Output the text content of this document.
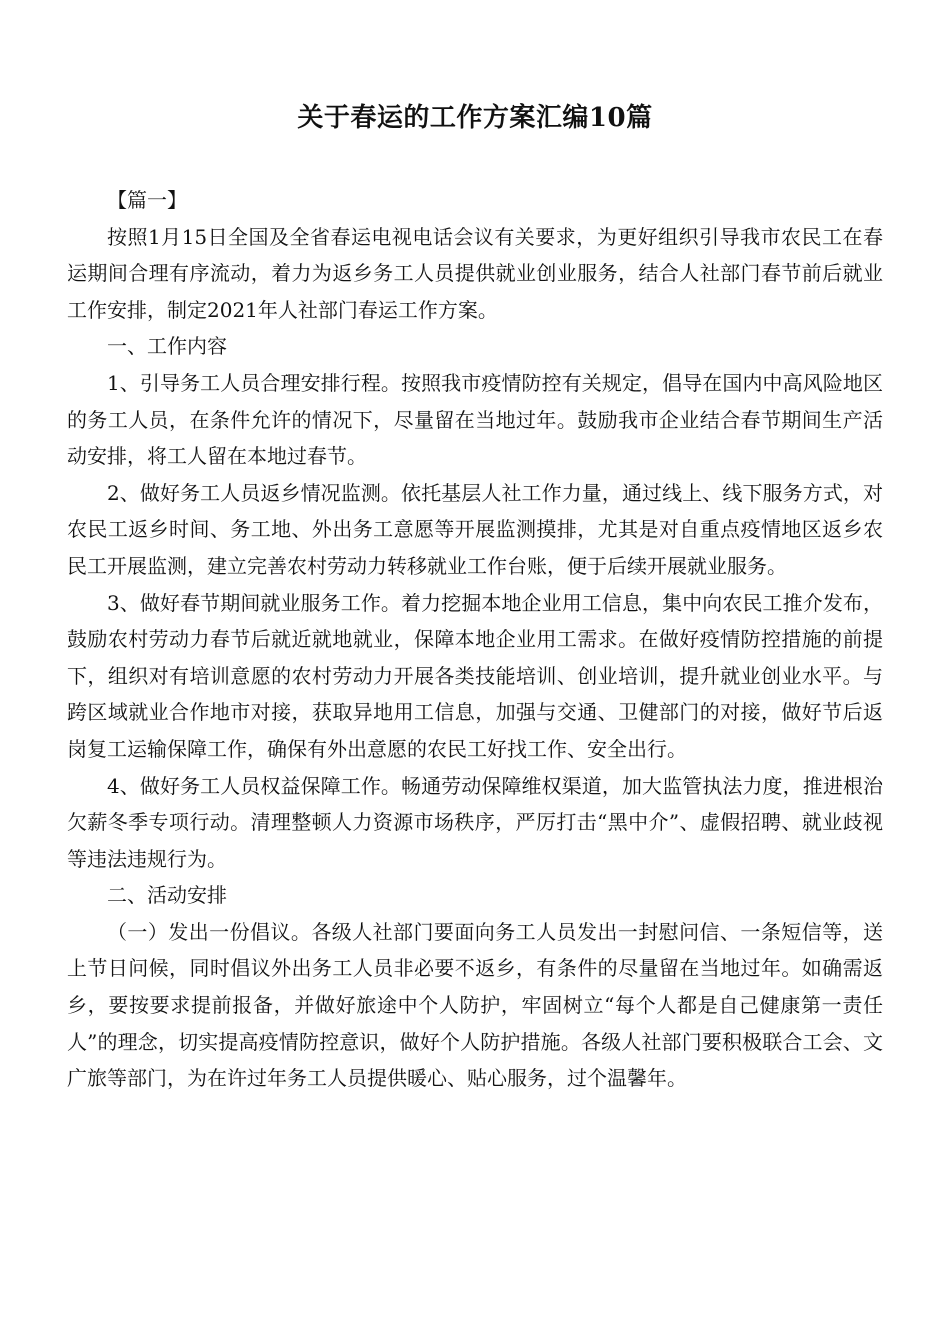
关于春运的工作方案汇编10篇

【篇一】

按照1月15日全国及全省春运电视电话会议有关要求，为更好组织引导我市农民工在春运期间合理有序流动，着力为返乡务工人员提供就业创业服务，结合人社部门春节前后就业工作安排，制定2021年人社部门春运工作方案。

一、工作内容

1、引导务工人员合理安排行程。按照我市疫情防控有关规定，倡导在国内中高风险地区的务工人员，在条件允许的情况下，尽量留在当地过年。鼓励我市企业结合春节期间生产活动安排，将工人留在本地过春节。

2、做好务工人员返乡情况监测。依托基层人社工作力量，通过线上、线下服务方式，对农民工返乡时间、务工地、外出务工意愿等开展监测摸排，尤其是对自重点疫情地区返乡农民工开展监测，建立完善农村劳动力转移就业工作台账，便于后续开展就业服务。

3、做好春节期间就业服务工作。着力挖掘本地企业用工信息，集中向农民工推介发布，鼓励农村劳动力春节后就近就地就业，保障本地企业用工需求。在做好疫情防控措施的前提下，组织对有培训意愿的农村劳动力开展各类技能培训、创业培训，提升就业创业水平。与跨区域就业合作地市对接，获取异地用工信息，加强与交通、卫健部门的对接，做好节后返岗复工运输保障工作，确保有外出意愿的农民工好找工作、安全出行。

4、做好务工人员权益保障工作。畅通劳动保障维权渠道，加大监管执法力度，推进根治欠薪冬季专项行动。清理整顿人力资源市场秩序，严厉打击“黑中介”、虚假招聘、就业歧视等违法违规行为。

二、活动安排

（一）发出一份倡议。各级人社部门要面向务工人员发出一封慰问信、一条短信等，送上节日问候，同时倡议外出务工人员非必要不返乡，有条件的尽量留在当地过年。如确需返乡，要按要求提前报备，并做好旅途中个人防护，牢固树立“每个人都是自己健康第一责任人”的理念，切实提高疫情防控意识，做好个人防护措施。各级人社部门要积极联合工会、文广旅等部门，为在许过年务工人员提供暖心、贴心服务，过个温馨年。
